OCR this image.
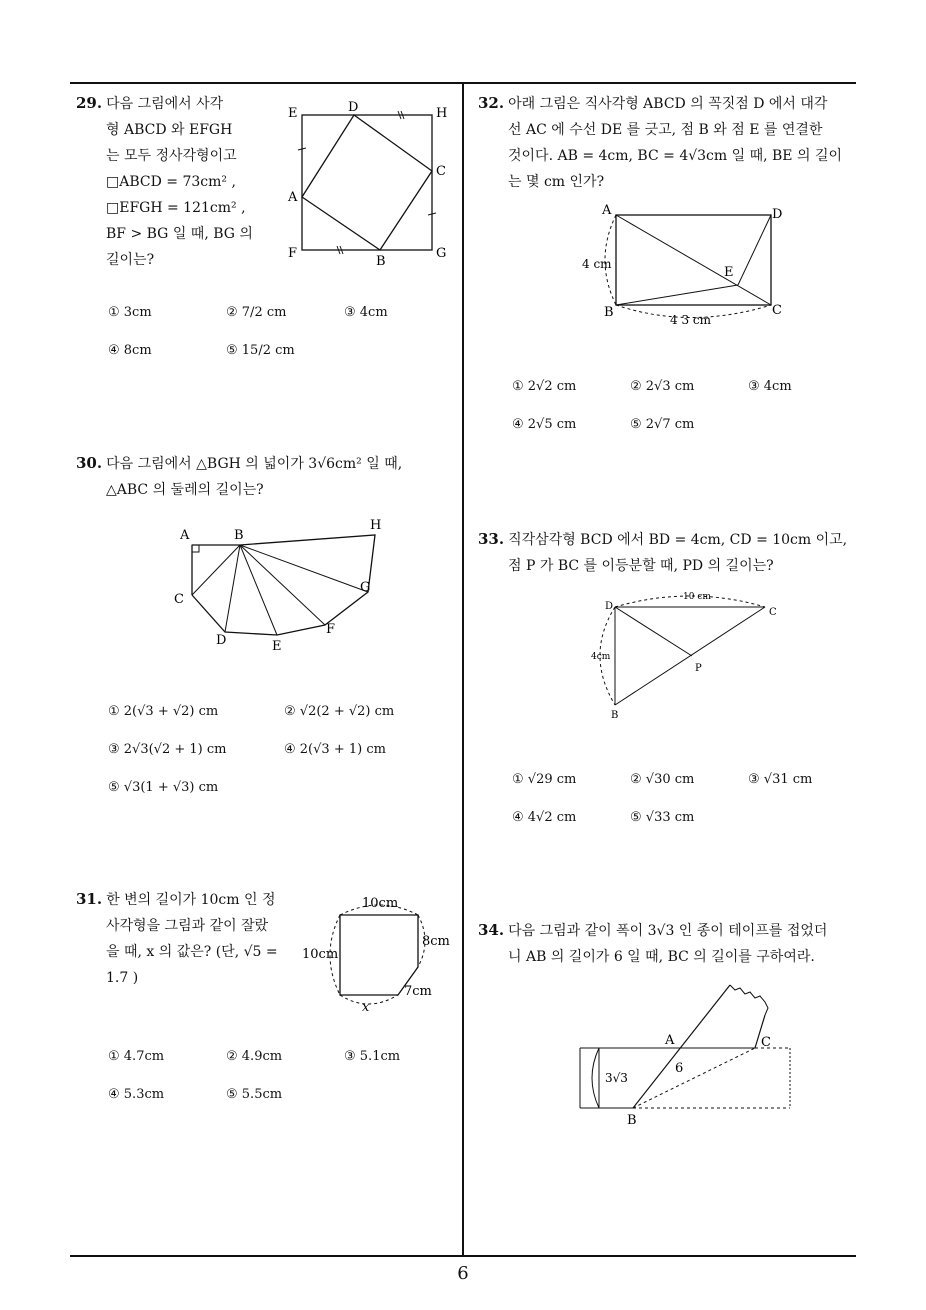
29. 다음 그림에서 사각
형 ABCD 와 EFGH
는 모두 정사각형이고
□ABCD = 73cm² ,
□EFGH = 121cm² ,
BF > BG 일 때, BG 의
길이는?
E	D	H
A
C
F
B
G
① 3cm	② 7/2 cm	③ 4cm
④ 8cm	⑤ 15/2 cm
30. 다음 그림에서 △BGH 의 넓이가 3√6cm² 일 때,
△ABC 의 둘레의 길이는?
A	B
H
G
C
F
D	E
① 2(√3 + √2) cm	② √2(2 + √2) cm
③ 2√3(√2 + 1) cm	④ 2(√3 + 1) cm
⑤ √3(1 + √3) cm
31. 한 변의 길이가 10cm 인 정
사각형을 그림과 같이 잘랐
을 때, x 의 값은? (단, √5 =
1.7 )
10cm
10cm
8cm
7cm
x
① 4.7cm	② 4.9cm	③ 5.1cm
④ 5.3cm	⑤ 5.5cm
32. 아래 그림은 직사각형 ABCD 의 꼭짓점 D 에서 대각
선 AC 에 수선 DE 를 긋고, 점 B 와 점 E 를 연결한
것이다. AB = 4cm, BC = 4√3cm 일 때, BE 의 길이
는 몇 cm 인가?
A	D
E
B	C
4 cm
4 3 cm
① 2√2 cm	② 2√3 cm	③ 4cm
④ 2√5 cm	⑤ 2√7 cm
33. 직각삼각형 BCD 에서 BD = 4cm, CD = 10cm 이고,
점 P 가 BC 를 이등분할 때, PD 의 길이는?
D
C
B
P
10 cm
4cm
① √29 cm	② √30 cm	③ √31 cm
④ 4√2 cm	⑤ √33 cm
34. 다음 그림과 같이 폭이 3√3 인 종이 테이프를 접었더
니 AB 의 길이가 6 일 때, BC 의 길이를 구하여라.
A	C
B
6
3√3
6
